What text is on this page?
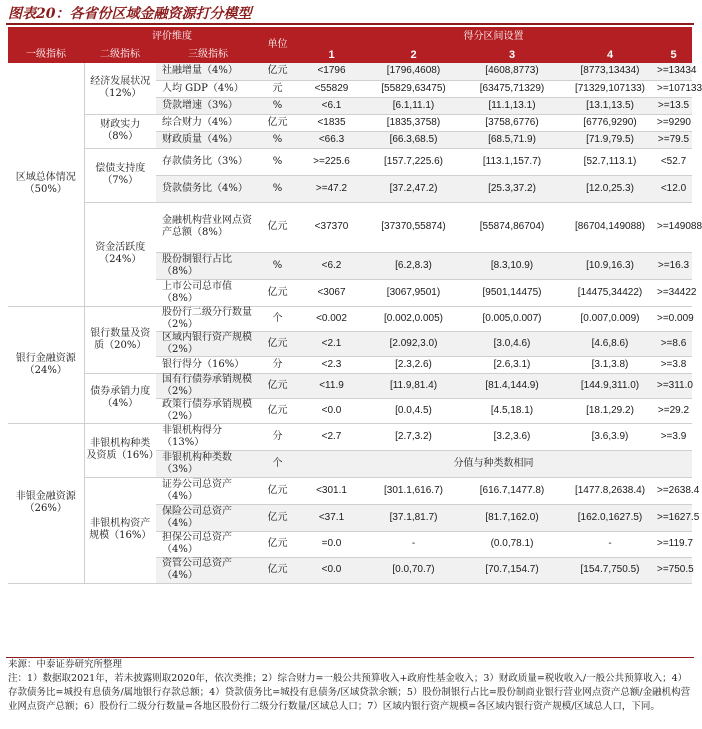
图表20：各省份区域金融资源打分模型
一级指标	评价维度		单位	得分区间设置				
	二级指标	三级指标		1	2	3	4	5
区域总体情况（50%）	经济发展状况（12%）	社融增量（4%）	亿元	<1796	[1796,4608)	[4608,8773)	[8773,13434)	>=13434
		人均 GDP（4%）	元	<55829	[55829,63475)	[63475,71329)	[71329,107133)	>=107133
		贷款增速（3%）	%	<6.1	[6.1,11.1)	[11.1,13.1)	[13.1,13.5)	>=13.5
	财政实力（8%）	综合财力（4%）	亿元	<1835	[1835,3758)	[3758,6776)	[6776,9290)	>=9290
		财政质量（4%）	%	<66.3	[66.3,68.5)	[68.5,71.9)	[71.9,79.5)	>=79.5
	偿债支持度（7%）	存款债务比（3%）	%	>=225.6	[157.7,225.6)	[113.1,157.7)	[52.7,113.1)	<52.7
		贷款债务比（4%）	%	>=47.2	[37.2,47.2)	[25.3,37.2)	[12.0,25.3)	<12.0
	资金活跃度（24%）	金融机构营业网点资产总额（8%）	亿元	<37370	[37370,55874)	[55874,86704)	[86704,149088)	>=149088
		股份制银行占比（8%）	%	<6.2	[6.2,8.3)	[8.3,10.9)	[10.9,16.3)	>=16.3
		上市公司总市值（8%）	亿元	<3067	[3067,9501)	[9501,14475)	[14475,34422)	>=34422
银行金融资源（24%）	银行数量及资质（20%）	股份行二级分行数量（2%）	个	<0.002	[0.002,0.005)	[0.005,0.007)	[0.007,0.009)	>=0.009
		区域内银行资产规模（2%）	亿元	<2.1	[2.092,3.0)	[3.0,4.6)	[4.6,8.6)	>=8.6
		银行得分（16%）	分	<2.3	[2.3,2.6)	[2.6,3.1)	[3.1,3.8)	>=3.8
	债券承销力度（4%）	国有行债券承销规模（2%）	亿元	<11.9	[11.9,81.4)	[81.4,144.9)	[144.9,311.0)	>=311.0
		政策行债券承销规模（2%）	亿元	<0.0	[0.0,4.5)	[4.5,18.1)	[18.1,29.2)	>=29.2
非银金融资源（26%）	非银机构种类及资质（16%）	非银机构得分（13%）	分	<2.7	[2.7,3.2)	[3.2,3.6)	[3.6,3.9)	>=3.9
		非银机构种类数（3%）	个	分值与种类数相同				
	非银机构资产规模（16%）	证券公司总资产（4%）	亿元	<301.1	[301.1,616.7)	[616.7,1477.8)	[1477.8,2638.4)	>=2638.4
		保险公司总资产（4%）	亿元	<37.1	[37.1,81.7)	[81.7,162.0)	[162.0,1627.5)	>=1627.5
		担保公司总资产（4%）	亿元	=0.0	-	(0.0,78.1)	-	>=119.7
		资管公司总资产（4%）	亿元	<0.0	[0.0,70.7)	[70.7,154.7)	[154.7,750.5)	>=750.5
来源：中泰证券研究所整理
注：1）数据取2021年，若未披露则取2020年，依次类推；2）综合财力=一般公共预算收入+政府性基金收入；3）财政质量=税收收入/一般公共预算收入；4）存款债务比=城投有息债务/属地银行存款总额；4）贷款债务比=城投有息债务/区域贷款余额；5）股份制银行占比=股份制商业银行营业网点资产总额/金融机构营业网点资产总额；6）股份行二级分行数量=各地区股份行二级分行数量/区域总人口；7）区域内银行资产规模=各区域内银行资产规模/区域总人口，下同。
